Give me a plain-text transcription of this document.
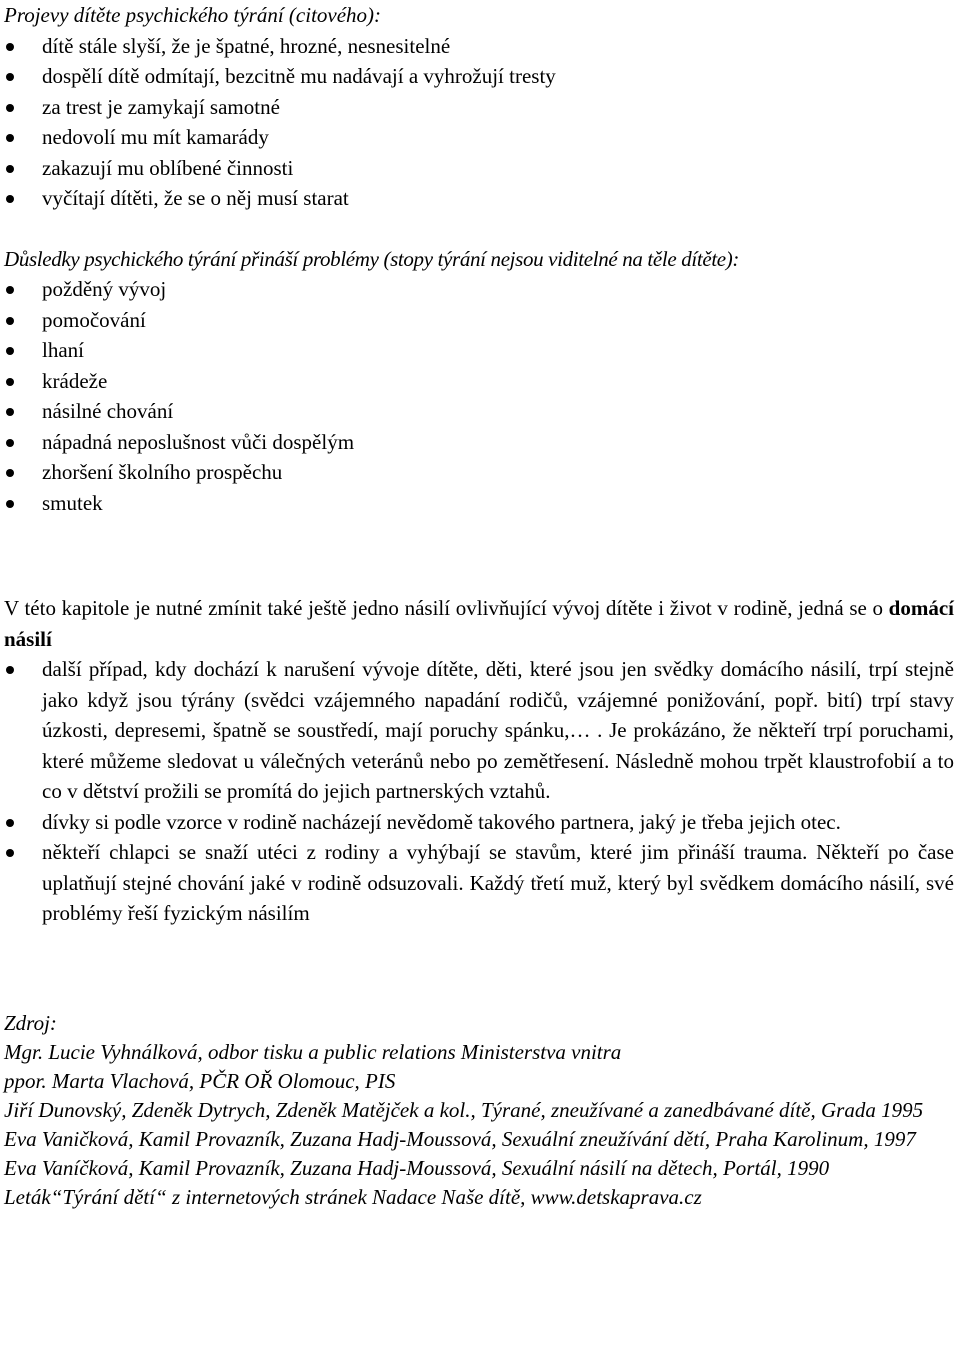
Projevy dítěte psychického týrání (citového):

dítě stále slyší, že je špatné, hrozné, nesnesitelné
dospělí dítě odmítají, bezcitně mu nadávají a vyhrožují tresty
za trest je zamykají samotné
nedovolí mu mít kamarády
zakazují mu oblíbené činnosti
vyčítají dítěti, že se o něj musí starat

Důsledky psychického týrání přináší problémy (stopy týrání nejsou viditelné na těle dítěte):

požděný vývoj
pomočování
lhaní
krádeže
násilné chování
nápadná neposlušnost vůči dospělým
zhoršení školního prospěchu
smutek

V této kapitole je nutné zmínit také ještě jedno násilí ovlivňující vývoj dítěte i život v rodině, jedná se o domácí násilí

další případ, kdy dochází k narušení vývoje dítěte, děti, které jsou jen svědky domácího násilí, trpí stejně jako když jsou týrány (svědci vzájemného napadání rodičů, vzájemné ponižování, popř. bití) trpí stavy úzkosti, depresemi, špatně se soustředí, mají poruchy spánku,… . Je prokázáno, že někteří trpí poruchami, které můžeme sledovat u válečných veteránů nebo po zemětřesení. Následně mohou trpět klaustrofobií a to co v dětství prožili se promítá do jejich partnerských vztahů.
dívky si podle vzorce v rodině nacházejí nevědomě takového partnera, jaký je třeba jejich otec.
někteří chlapci se snaží utéci z rodiny a vyhýbají se stavům, které jim přináší trauma. Někteří po čase uplatňují stejné chování jaké v rodině odsuzovali. Každý třetí muž, který byl svědkem domácího násilí, své problémy řeší fyzickým násilím

Zdroj:

Mgr. Lucie Vyhnálková, odbor tisku a public relations Ministerstva vnitra

ppor. Marta Vlachová, PČR OŘ Olomouc, PIS

Jiří Dunovský, Zdeněk Dytrych, Zdeněk Matějček a kol., Týrané, zneužívané a zanedbávané dítě, Grada 1995

Eva Vaničková, Kamil Provazník, Zuzana Hadj-Moussová, Sexuální zneužívání dětí, Praha Karolinum, 1997

Eva Vaníčková, Kamil Provazník, Zuzana Hadj-Moussová, Sexuální násilí na dětech, Portál, 1990

Leták“Týrání dětí“ z internetových stránek Nadace Naše dítě, www.detskaprava.cz
